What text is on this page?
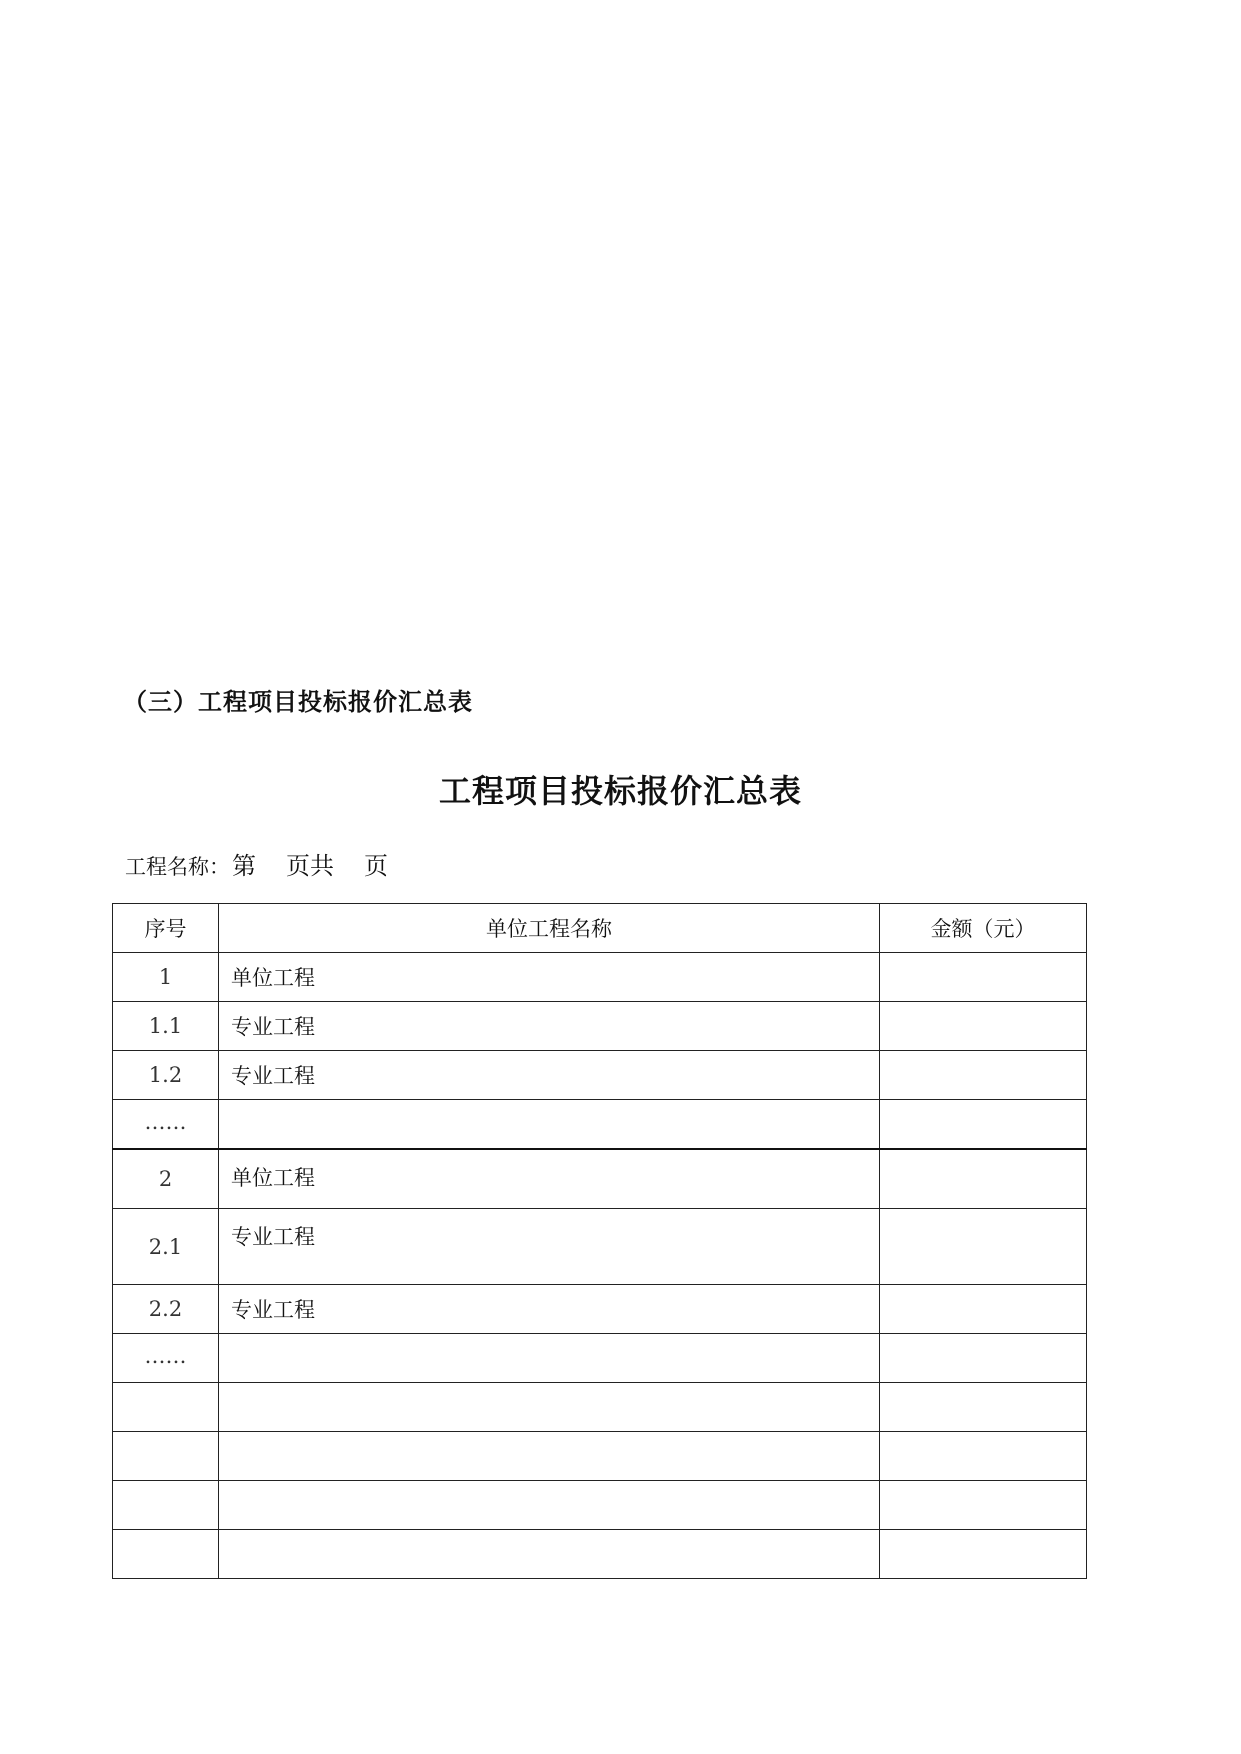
（三）工程项目投标报价汇总表
工程项目投标报价汇总表
工程名称：第 页共 页
序号	单位工程名称	金额（元）
1	单位工程	
1.1	专业工程	
1.2	专业工程	
……		
2	单位工程	
2.1	专业工程	
2.2	专业工程	
……		
